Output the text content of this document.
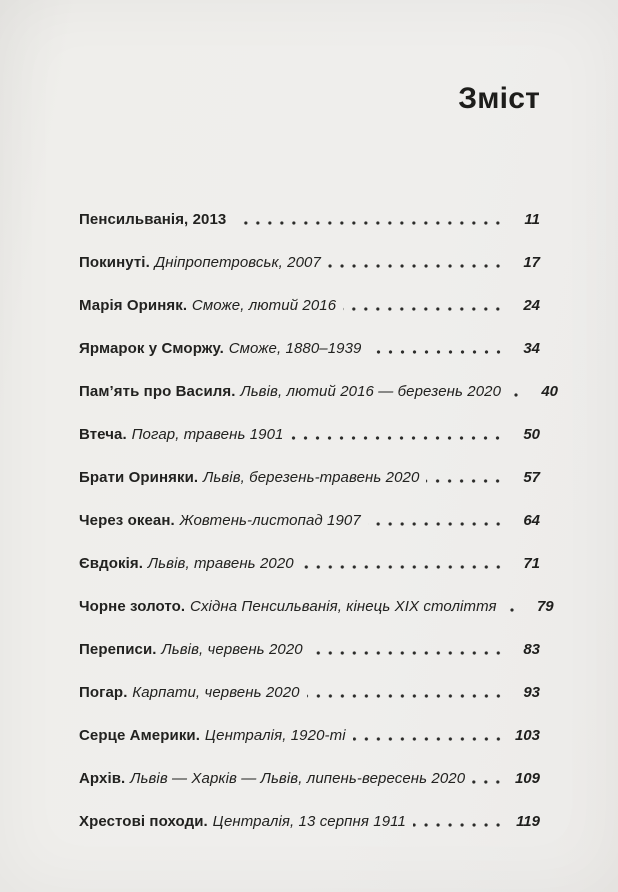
Зміст
Пенсильванія, 2013	11
Покинуті. Дніпропетровськ, 2007	17
Марія Ориняк. Сможе, лютий 2016	24
Ярмарок у Сморжу. Сможе, 1880–1939	34
Пам’ять про Василя. Львів, лютий 2016 — березень 2020	40
Втеча. Погар, травень 1901	50
Брати Ориняки. Львів, березень-травень 2020	57
Через океан. Жовтень-листопад 1907	64
Євдокія. Львів, травень 2020	71
Чорне золото. Східна Пенсильванія, кінець XIX століття	79
Переписи. Львів, червень 2020	83
Погар. Карпати, червень 2020	93
Серце Америки. Централія, 1920-ті	103
Архів. Львів — Харків — Львів, липень-вересень 2020	109
Хрестові походи. Централія, 13 серпня 1911	119
